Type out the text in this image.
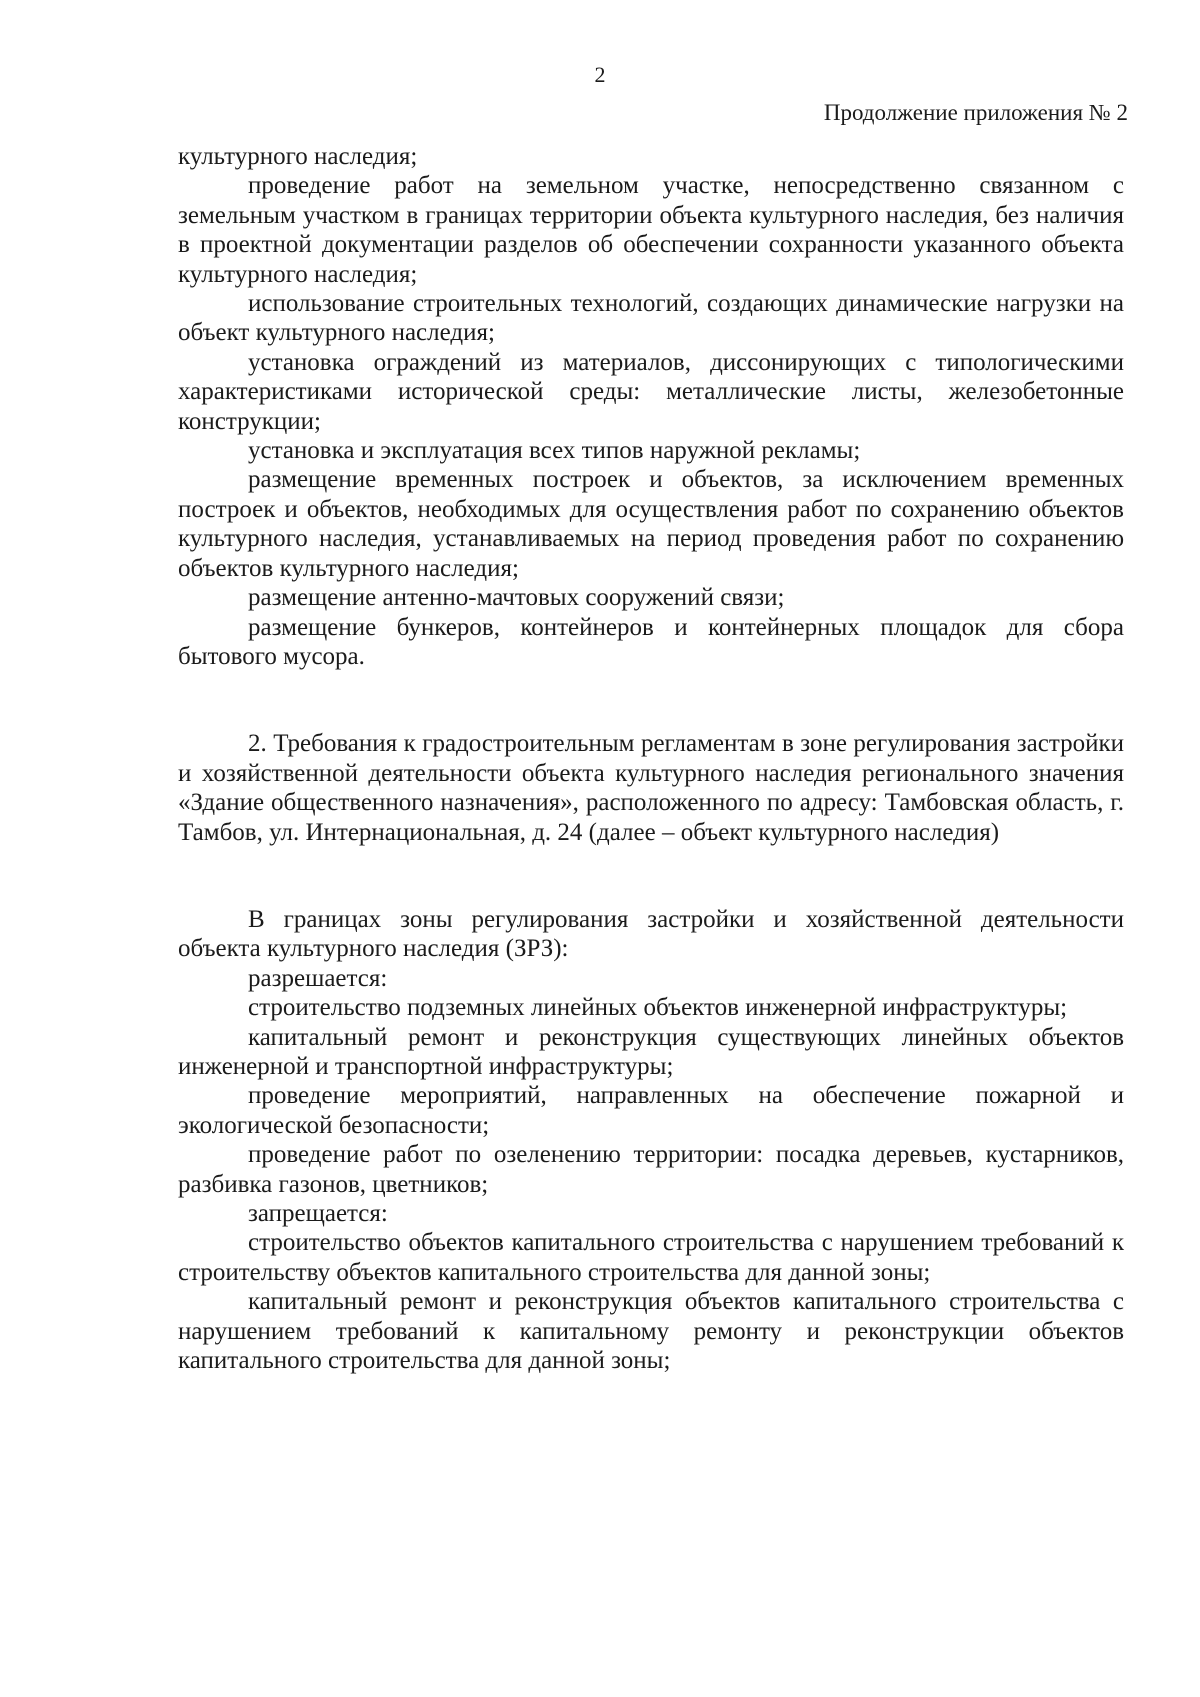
2
Продолжение приложения № 2

культурного наследия;

проведение работ на земельном участке, непосредственно связанном с земельным участком в границах территории объекта культурного наследия, без наличия в проектной документации разделов об обеспечении сохранности указанного объекта культурного наследия;

использование строительных технологий, создающих динамические нагрузки на объект культурного наследия;

установка ограждений из материалов, диссонирующих с типологическими характеристиками исторической среды: металлические листы, железобетонные конструкции;

установка и эксплуатация всех типов наружной рекламы;

размещение временных построек и объектов, за исключением временных построек и объектов, необходимых для осуществления работ по сохранению объектов культурного наследия, устанавливаемых на период проведения работ по сохранению объектов культурного наследия;

размещение антенно-мачтовых сооружений связи;

размещение бункеров, контейнеров и контейнерных площадок для сбора бытового мусора.

2. Требования к градостроительным регламентам в зоне регулирования застройки и хозяйственной деятельности объекта культурного наследия регионального значения «Здание общественного назначения», расположенного по адресу: Тамбовская область, г. Тамбов, ул. Интернациональная, д. 24 (далее – объект культурного наследия)

В границах зоны регулирования застройки и хозяйственной деятельности объекта культурного наследия (ЗРЗ):

разрешается:

строительство подземных линейных объектов инженерной инфраструктуры;

капитальный ремонт и реконструкция существующих линейных объектов инженерной и транспортной инфраструктуры;

проведение мероприятий, направленных на обеспечение пожарной и экологической безопасности;

проведение работ по озеленению территории: посадка деревьев, кустарников, разбивка газонов, цветников;

запрещается:

строительство объектов капитального строительства с нарушением требований к строительству объектов капитального строительства для данной зоны;

капитальный ремонт и реконструкция объектов капитального строительства с нарушением требований к капитальному ремонту и реконструкции объектов капитального строительства для данной зоны;
